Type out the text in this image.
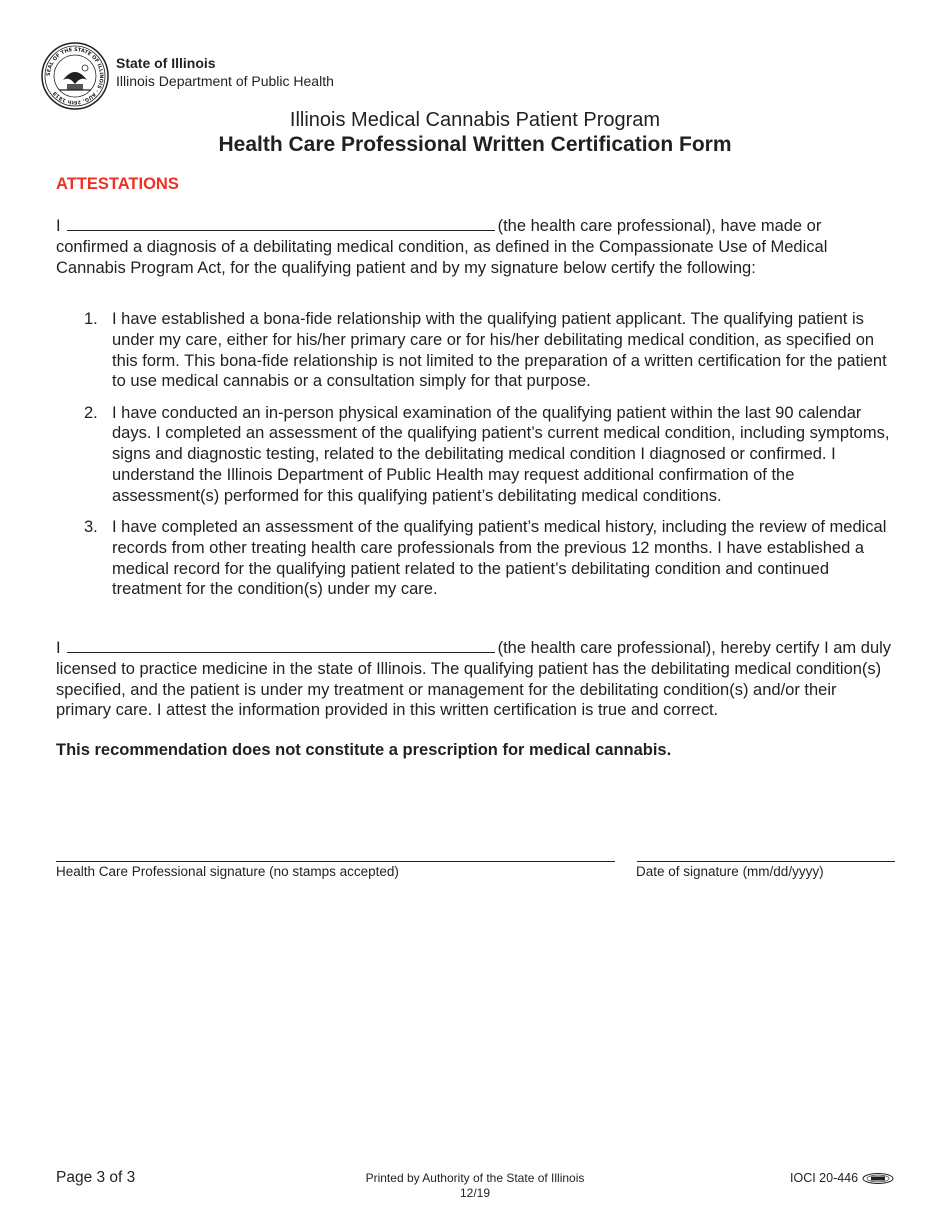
SEAL OF THE STATE OF ILLINOIS · AUG. 26th 1818
State of Illinois
Illinois Department of Public Health
Illinois Medical Cannabis Patient Program
Health Care Professional Written Certification Form
ATTESTATIONS
I	(the health care professional), have made or confirmed a diagnosis of a debilitating medical condition, as defined in the Compassionate Use of Medical Cannabis Program Act, for the qualifying patient and by my signature below certify the following:
1. I have established a bona-fide relationship with the qualifying patient applicant. The qualifying patient is under my care, either for his/her primary care or for his/her debilitating medical condition, as specified on this form. This bona-fide relationship is not limited to the preparation of a written certification for the patient to use medical cannabis or a consultation simply for that purpose.
2. I have conducted an in-person physical examination of the qualifying patient within the last 90 calendar days. I completed an assessment of the qualifying patient’s current medical condition, including symptoms, signs and diagnostic testing, related to the debilitating medical condition I diagnosed or confirmed. I understand the Illinois Department of Public Health may request additional confirmation of the assessment(s) performed for this qualifying patient’s debilitating medical conditions.
3. I have completed an assessment of the qualifying patient’s medical history, including the review of medical records from other treating health care professionals from the previous 12 months. I have established a medical record for the qualifying patient related to the patient’s debilitating condition and continued treatment for the condition(s) under my care.
I	(the health care professional), hereby certify I am duly licensed to practice medicine in the state of Illinois. The qualifying patient has the debilitating medical condition(s) specified, and the patient is under my treatment or management for the debilitating condition(s) and/or their primary care. I attest the information provided in this written certification is true and correct.
This recommendation does not constitute a prescription for medical cannabis.
Health Care Professional signature (no stamps accepted)	Date of signature (mm/dd/yyyy)
Page 3 of 3	Printed by Authority of the State of Illinois
12/19
IOCI 20-446
